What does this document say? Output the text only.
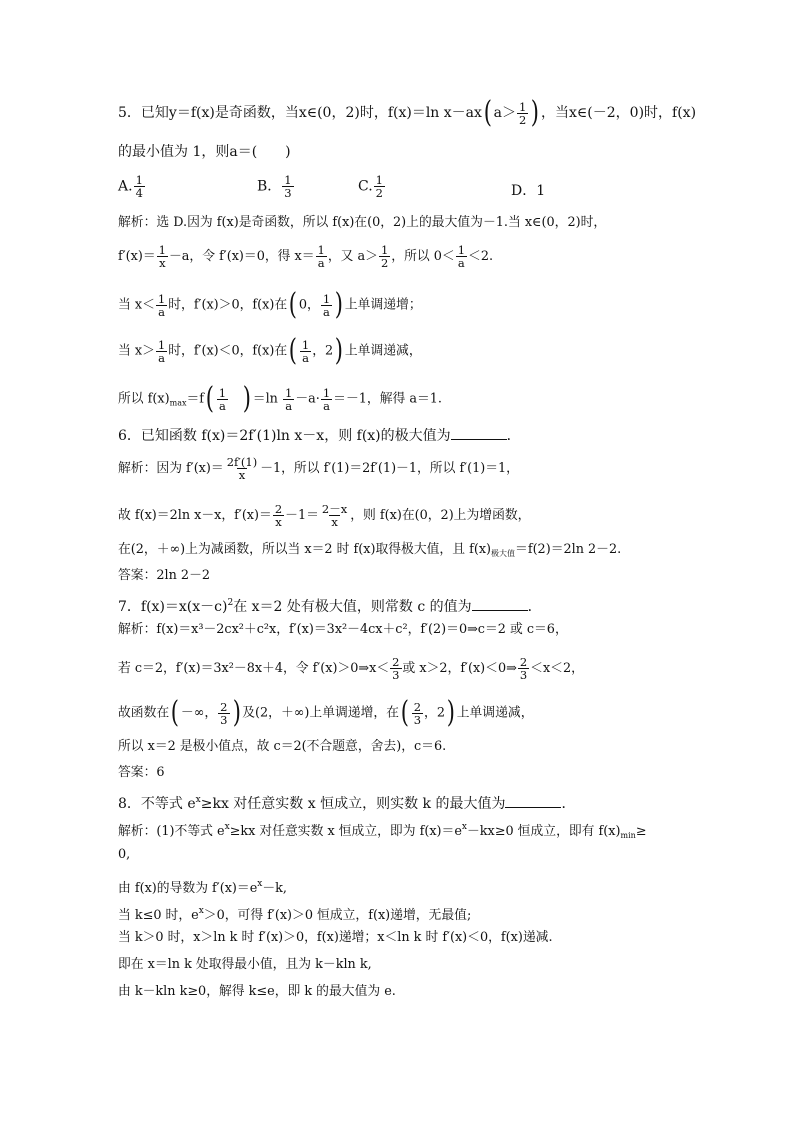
5．已知y＝f(x)是奇函数，当x∈(0，2)时，f(x)＝ln x－ax( $a> \frac{1}{2}$ ) ，当x∈(－2，0)时，f(x)
的最小值为 1，则a＝(　　)
A. $\frac{1}{4}$	B． $\frac{1}{3}$	C. $\frac{1}{2}$	D．1
解析：选 D.因为 f(x)是奇函数，所以 f(x)在(0，2)上的最大值为－1.当 x∈(0，2)时，
$f'(x)= \frac{1}{x} -a$，令 f′(x)＝0，得 $x= \frac{1}{a}$ ，又 $a> \frac{1}{2}$ ，所以 $0< \frac{1}{a} <2$.
当 $x< \frac{1}{a}$ 时，f′(x)＞0，f(x)在( 0， $\frac{1}{a}$ ) 上单调递增；
当 $x> \frac{1}{a}$ 时，f′(x)＜0，f(x)在( $\frac{1}{a}$ ，2) 上单调递减，
所以 $f(x)_{max}=f( \frac{1}{a}$ ) $=\ln \frac{1}{a} -a\cdot \frac{1}{a} =-1$，解得 a＝1.
6．已知函数 f(x)＝2f′(1)ln x－x，则 f(x)的极大值为	．
解析：因为 $f'(x)= \frac{2f'(1)}{x} -1$，所以 f′(1)＝2f′(1)－1，所以 f′(1)＝1，
故 f(x)＝2ln x－x，$f'(x)= \frac{2}{x} -1= \frac{2-x}{x}$ ，则 f(x)在(0，2)上为增函数，
在(2，＋∞)上为减函数，所以当 x＝2 时 f(x)取得极大值，且 $f(x)_{极大值}=f(2)=2\ln$ 2－2.
答案：2ln 2－2
7．$f(x)=x(x-c)^2$在 x＝2 处有极大值，则常数 c 的值为	．
解析：f(x)＝x³－2cx²＋c²x，f′(x)＝3x²－4cx＋c²，f′(2)＝0⇒c＝2 或 c＝6，
若 c＝2，f′(x)＝3x²－8x＋4，令 f′(x)＞0⇒x＜ $\frac{2}{3}$ 或 x＞2，f′(x)＜0⇒ $\frac{2}{3} <x<2$，
故函数在( －∞， $\frac{2}{3}$ ) 及(2，＋∞)上单调递增，在( $\frac{2}{3}$ ，2) 上单调递减，
所以 x＝2 是极小值点，故 c＝2(不合题意，舍去)，c＝6.
答案：6
8．不等式 $e^x\ge kx$ 对任意实数 x 恒成立，则实数 k 的最大值为	．
解析：(1)不等式 $e^x\ge kx$ 对任意实数 x 恒成立，即为 $f(x)=e^x-kx\ge 0$ 恒成立，即有 $f(x)_{min}\ge$
0,
由 f(x)的导数为 $f'(x)=e^x-k$,
当 k≤0 时，$e^x>0$，可得 f′(x)＞0 恒成立，f(x)递增，无最值;
当 k＞0 时，x＞ln k 时 f′(x)＞0，f(x)递增；x＜ln k 时 f′(x)＜0，f(x)递减.
即在 x＝ln k 处取得最小值，且为 k－kln k,
由 k－kln k≥0，解得 k≤e，即 k 的最大值为 e.
